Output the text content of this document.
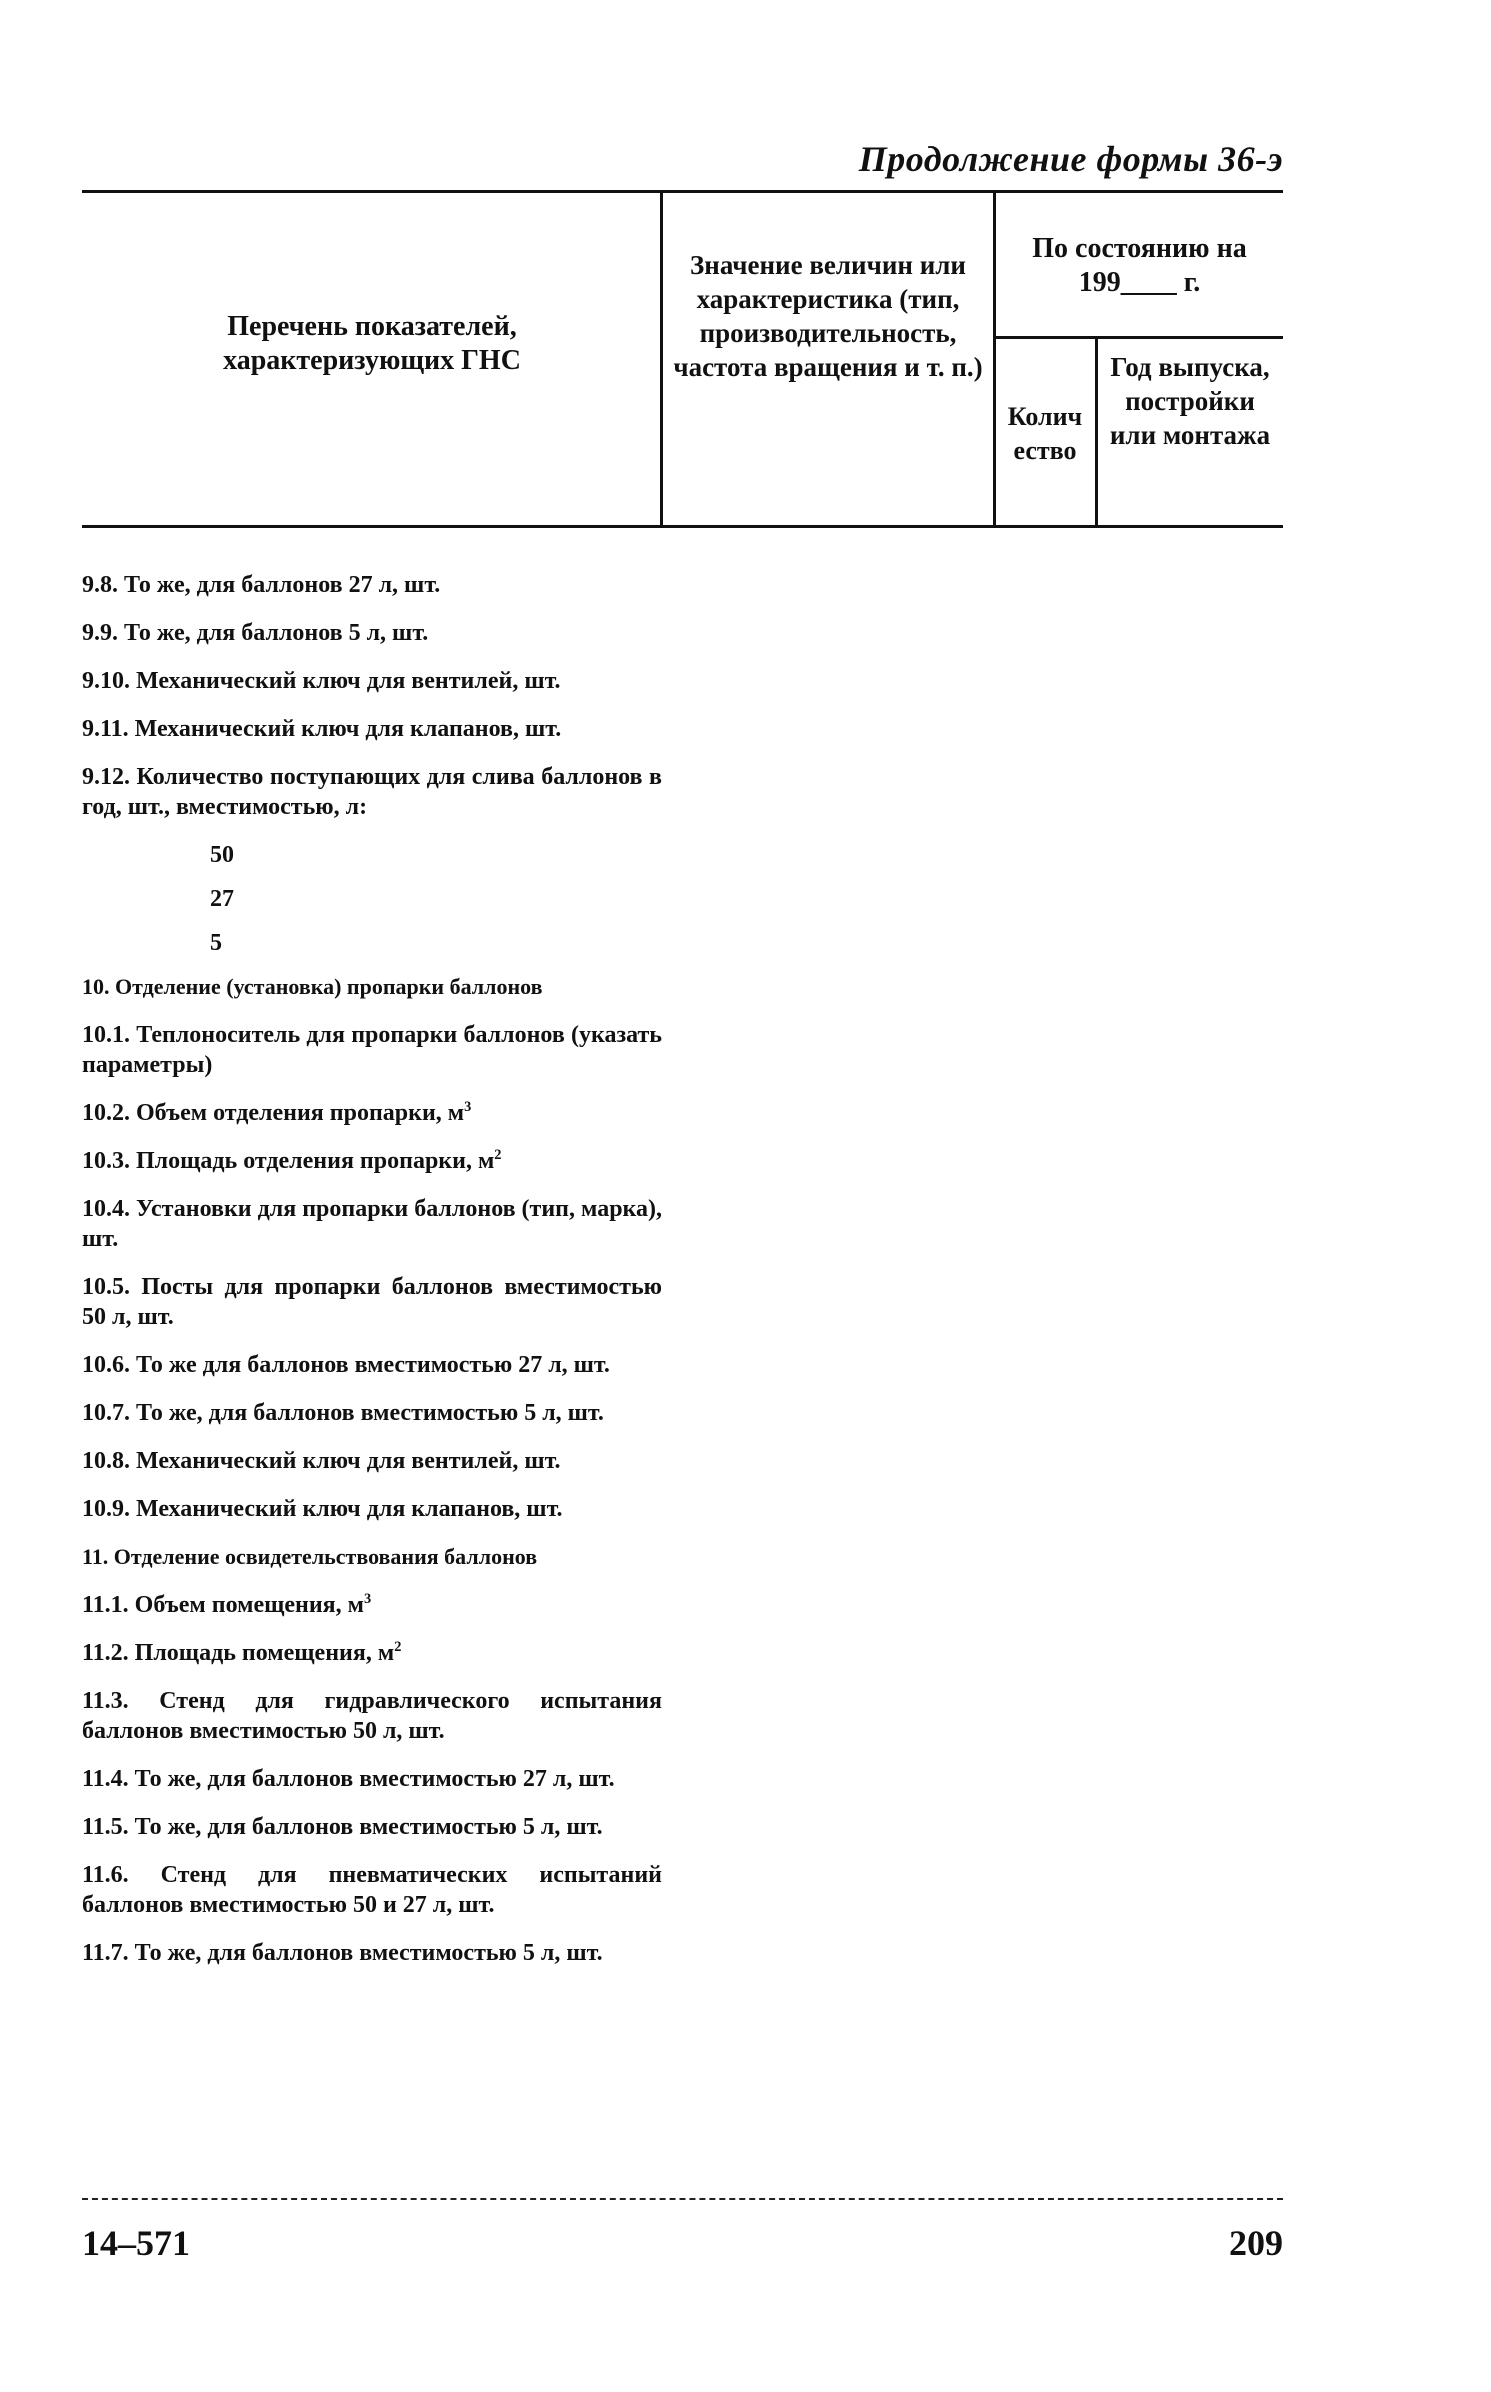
Продолжение формы 36-э
Перечень показателей, характеризующих ГНС
Значение величин или характеристика (тип, производительность, частота вращения и т. п.)
По состоянию на 199____ г.
Колич ество
Год выпуска, постройки или монтажа
9.8. То же, для баллонов 27 л, шт.
9.9. То же, для баллонов 5 л, шт.
9.10. Механический ключ для вентилей, шт.
9.11. Механический ключ для клапанов, шт.
9.12. Количество поступающих для слива баллонов в год, шт., вместимостью, л:
50
27
5
10. Отделение (установка) пропарки баллонов
10.1. Теплоноситель для пропарки баллонов (указать параметры)
10.2. Объем отделения пропарки, $м^3$
10.3. Площадь отделения пропарки, $м^2$
10.4. Установки для пропарки баллонов (тип, марка), шт.
10.5. Посты для пропарки баллонов вместимостью 50 л, шт.
10.6. То же для баллонов вместимостью 27 л, шт.
10.7. То же, для баллонов вместимостью 5 л, шт.
10.8. Механический ключ для вентилей, шт.
10.9. Механический ключ для клапанов, шт.
11. Отделение освидетельствования баллонов
11.1. Объем помещения, $м^3$
11.2. Площадь помещения, $м^2$
11.3. Стенд для гидравлического испытания баллонов вместимостью 50 л, шт.
11.4. То же, для баллонов вместимостью 27 л, шт.
11.5. То же, для баллонов вместимостью 5 л, шт.
11.6. Стенд для пневматических испытаний баллонов вместимостью 50 и 27 л, шт.
11.7. То же, для баллонов вместимостью 5 л, шт.
14–571	209
